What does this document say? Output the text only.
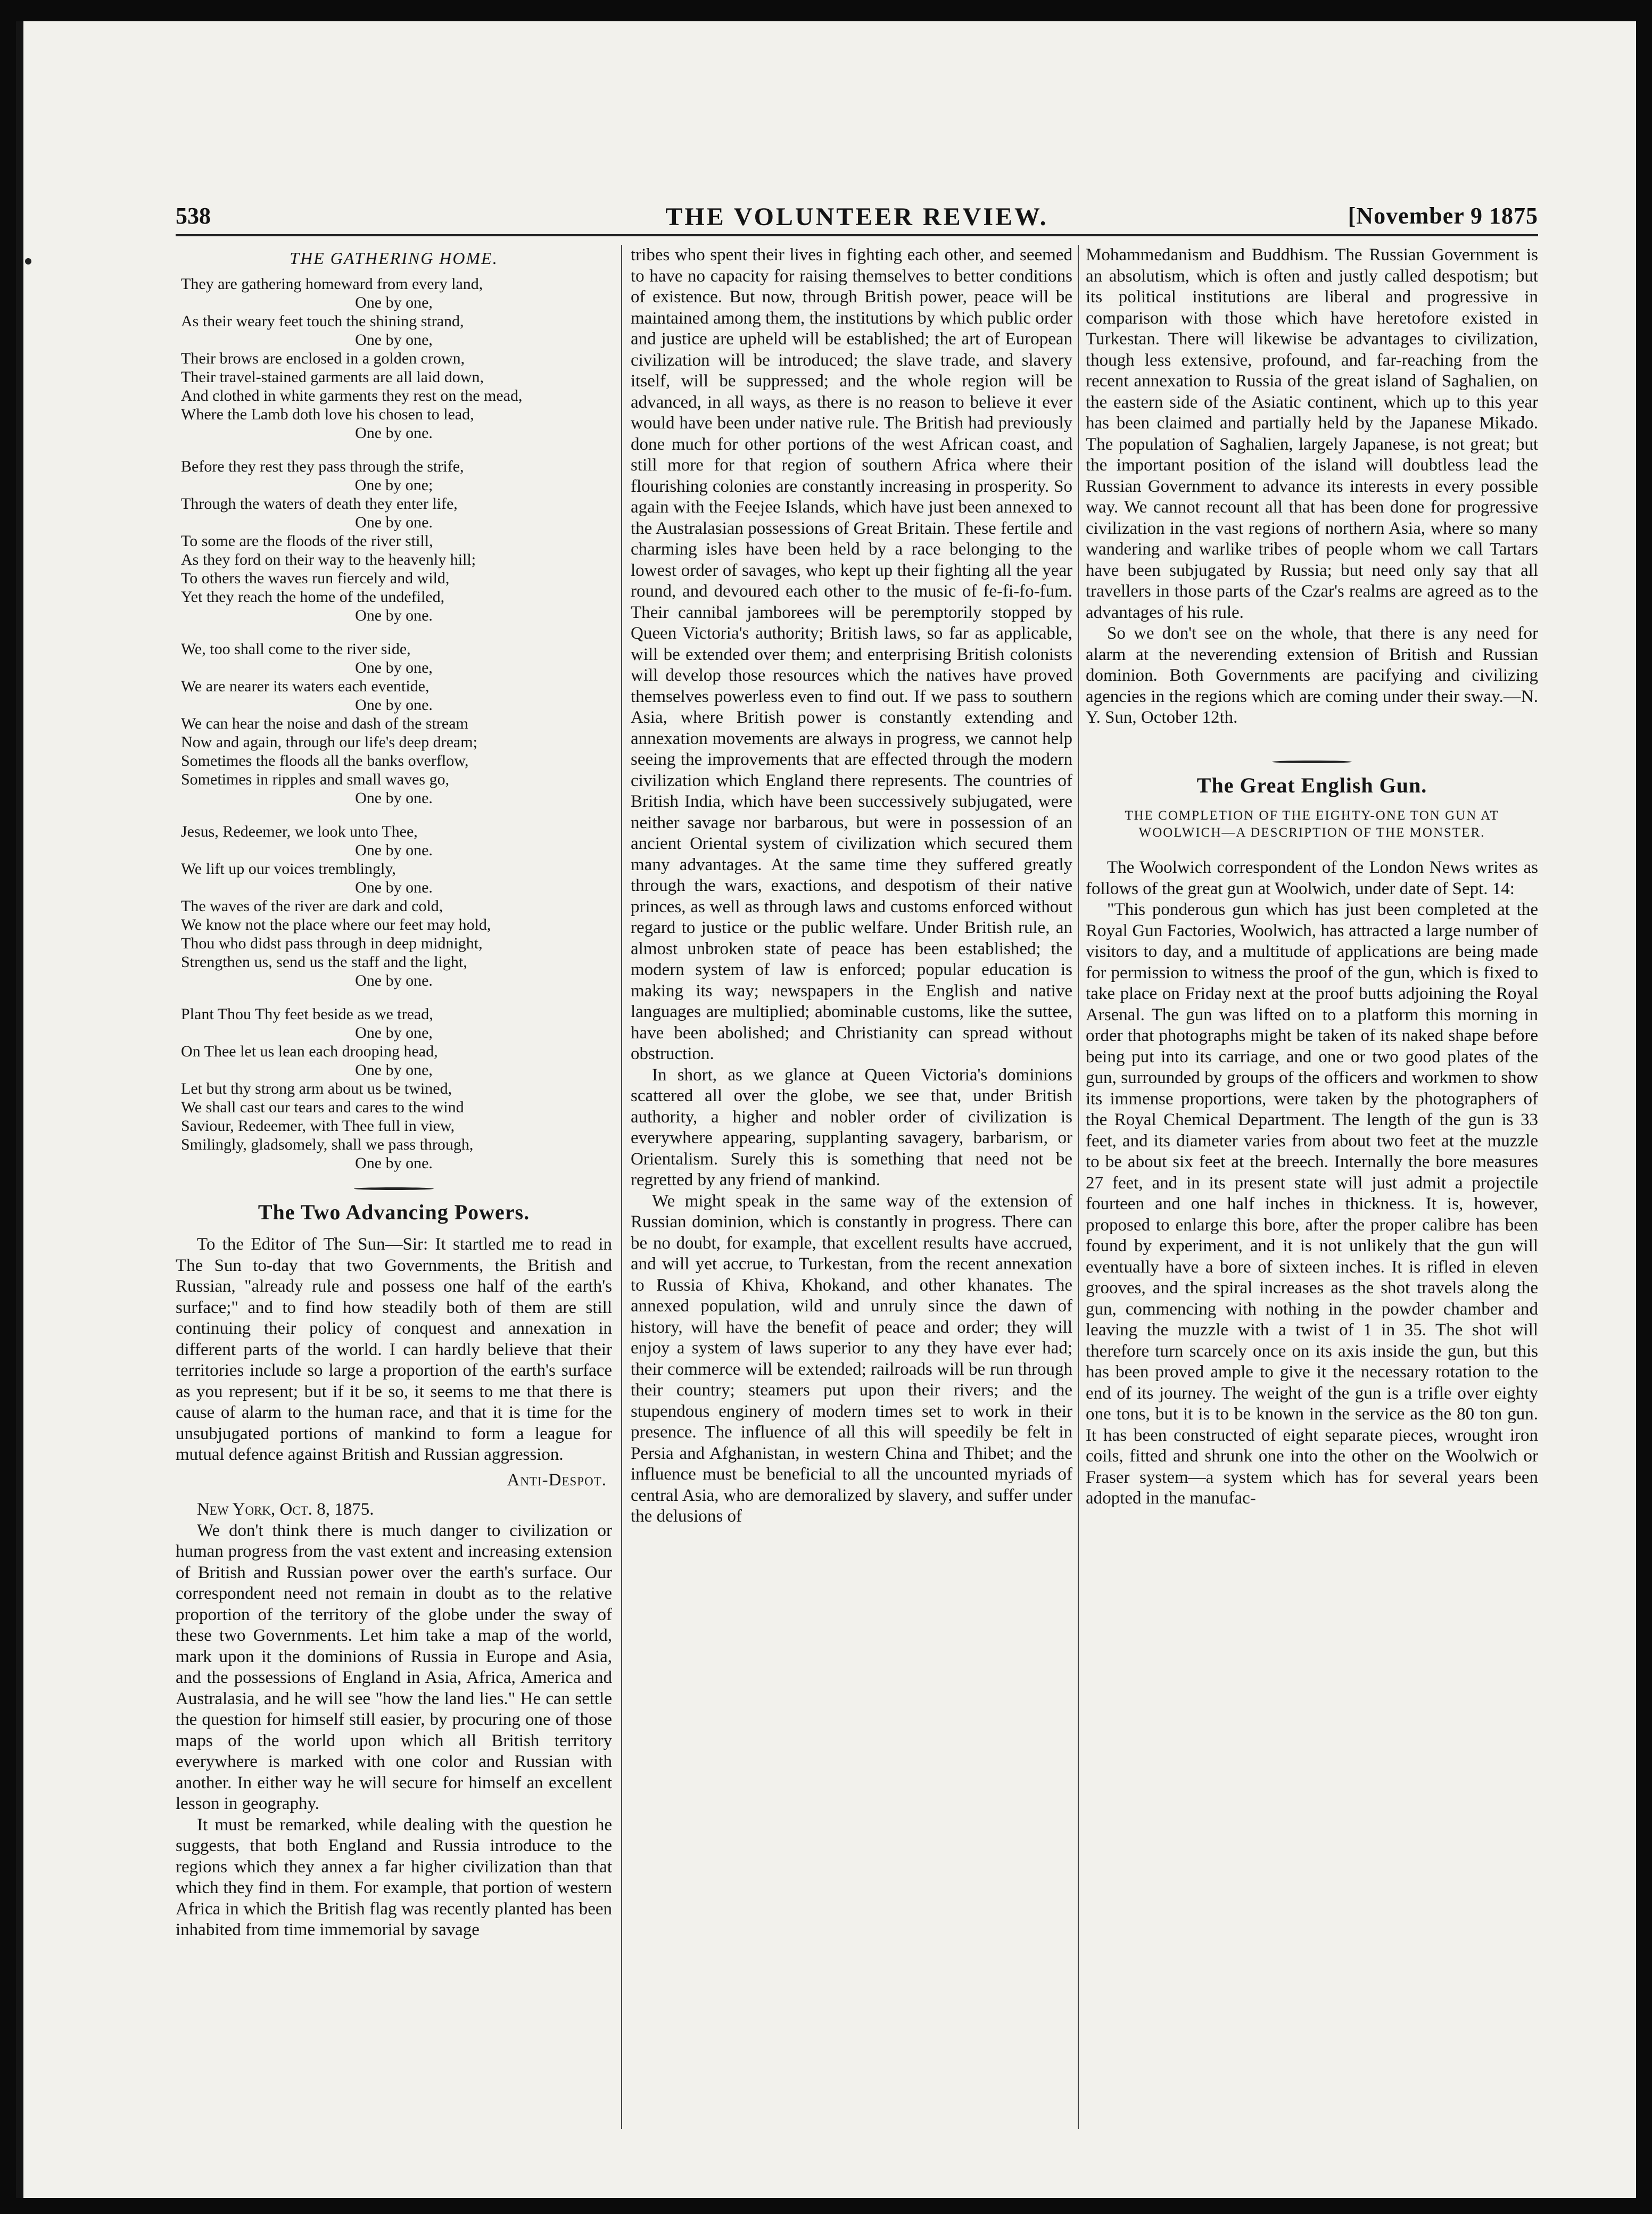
538	THE VOLUNTEER REVIEW.	[November 9 1875
THE GATHERING HOME.
They are gathering homeward from every land,
One by one,
As their weary feet touch the shining strand,
One by one,
Their brows are enclosed in a golden crown,
Their travel-stained garments are all laid down,
And clothed in white garments they rest on the mead,
Where the Lamb doth love his chosen to lead,
One by one.
Before they rest they pass through the strife,
One by one;
Through the waters of death they enter life,
One by one.
To some are the floods of the river still,
As they ford on their way to the heavenly hill;
To others the waves run fiercely and wild,
Yet they reach the home of the undefiled,
One by one.
We, too shall come to the river side,
One by one,
We are nearer its waters each eventide,
One by one.
We can hear the noise and dash of the stream
Now and again, through our life's deep dream;
Sometimes the floods all the banks overflow,
Sometimes in ripples and small waves go,
One by one.
Jesus, Redeemer, we look unto Thee,
One by one.
We lift up our voices tremblingly,
One by one.
The waves of the river are dark and cold,
We know not the place where our feet may hold,
Thou who didst pass through in deep midnight,
Strengthen us, send us the staff and the light,
One by one.
Plant Thou Thy feet beside as we tread,
One by one,
On Thee let us lean each drooping head,
One by one,
Let but thy strong arm about us be twined,
We shall cast our tears and cares to the wind
Saviour, Redeemer, with Thee full in view,
Smilingly, gladsomely, shall we pass through,
One by one.
The Two Advancing Powers.

To the Editor of The Sun—Sir: It startled me to read in The Sun to-day that two Governments, the British and Russian, "already rule and possess one half of the earth's surface;" and to find how steadily both of them are still continuing their policy of conquest and annexation in different parts of the world. I can hardly believe that their territories include so large a proportion of the earth's surface as you represent; but if it be so, it seems to me that there is cause of alarm to the human race, and that it is time for the unsubjugated portions of mankind to form a league for mutual defence against British and Russian aggression.

Anti-Despot.

New York, Oct. 8, 1875.

We don't think there is much danger to civilization or human progress from the vast extent and increasing extension of British and Russian power over the earth's surface. Our correspondent need not remain in doubt as to the relative proportion of the territory of the globe under the sway of these two Governments. Let him take a map of the world, mark upon it the dominions of Russia in Europe and Asia, and the possessions of England in Asia, Africa, America and Australasia, and he will see "how the land lies." He can settle the question for himself still easier, by procuring one of those maps of the world upon which all British territory everywhere is marked with one color and Russian with another. In either way he will secure for himself an excellent lesson in geography.

It must be remarked, while dealing with the question he suggests, that both England and Russia introduce to the regions which they annex a far higher civilization than that which they find in them. For example, that portion of western Africa in which the British flag was recently planted has been inhabited from time immemorial by savage

tribes who spent their lives in fighting each other, and seemed to have no capacity for raising themselves to better conditions of existence. But now, through British power, peace will be maintained among them, the institutions by which public order and justice are upheld will be established; the art of European civilization will be introduced; the slave trade, and slavery itself, will be suppressed; and the whole region will be advanced, in all ways, as there is no reason to believe it ever would have been under native rule. The British had previously done much for other portions of the west African coast, and still more for that region of southern Africa where their flourishing colonies are constantly increasing in prosperity. So again with the Feejee Islands, which have just been annexed to the Australasian possessions of Great Britain. These fertile and charming isles have been held by a race belonging to the lowest order of savages, who kept up their fighting all the year round, and devoured each other to the music of fe-fi-fo-fum. Their cannibal jamborees will be peremptorily stopped by Queen Victoria's authority; British laws, so far as applicable, will be extended over them; and enterprising British colonists will develop those resources which the natives have proved themselves powerless even to find out. If we pass to southern Asia, where British power is constantly extending and annexation movements are always in progress, we cannot help seeing the improvements that are effected through the modern civilization which England there represents. The countries of British India, which have been successively subjugated, were neither savage nor barbarous, but were in possession of an ancient Oriental system of civilization which secured them many advantages. At the same time they suffered greatly through the wars, exactions, and despotism of their native princes, as well as through laws and customs enforced without regard to justice or the public welfare. Under British rule, an almost unbroken state of peace has been established; the modern system of law is enforced; popular education is making its way; newspapers in the English and native languages are multiplied; abominable customs, like the suttee, have been abolished; and Christianity can spread without obstruction.

In short, as we glance at Queen Victoria's dominions scattered all over the globe, we see that, under British authority, a higher and nobler order of civilization is everywhere appearing, supplanting savagery, barbarism, or Orientalism. Surely this is something that need not be regretted by any friend of mankind.

We might speak in the same way of the extension of Russian dominion, which is constantly in progress. There can be no doubt, for example, that excellent results have accrued, and will yet accrue, to Turkestan, from the recent annexation to Russia of Khiva, Khokand, and other khanates. The annexed population, wild and unruly since the dawn of history, will have the benefit of peace and order; they will enjoy a system of laws superior to any they have ever had; their commerce will be extended; railroads will be run through their country; steamers put upon their rivers; and the stupendous enginery of modern times set to work in their presence. The influence of all this will speedily be felt in Persia and Afghanistan, in western China and Thibet; and the influence must be beneficial to all the uncounted myriads of central Asia, who are demoralized by slavery, and suffer under the delusions of

Mohammedanism and Buddhism. The Russian Government is an absolutism, which is often and justly called despotism; but its political institutions are liberal and progressive in comparison with those which have heretofore existed in Turkestan. There will likewise be advantages to civilization, though less extensive, profound, and far-reaching from the recent annexation to Russia of the great island of Saghalien, on the eastern side of the Asiatic continent, which up to this year has been claimed and partially held by the Japanese Mikado. The population of Saghalien, largely Japanese, is not great; but the important position of the island will doubtless lead the Russian Government to advance its interests in every possible way. We cannot recount all that has been done for progressive civilization in the vast regions of northern Asia, where so many wandering and warlike tribes of people whom we call Tartars have been subjugated by Russia; but need only say that all travellers in those parts of the Czar's realms are agreed as to the advantages of his rule.

So we don't see on the whole, that there is any need for alarm at the neverending extension of British and Russian dominion. Both Governments are pacifying and civilizing agencies in the regions which are coming under their sway.—N. Y. Sun, October 12th.

The Great English Gun.
THE COMPLETION OF THE EIGHTY-ONE TON GUN AT WOOLWICH—A DESCRIPTION OF THE MONSTER.

The Woolwich correspondent of the London News writes as follows of the great gun at Woolwich, under date of Sept. 14:

"This ponderous gun which has just been completed at the Royal Gun Factories, Woolwich, has attracted a large number of visitors to day, and a multitude of applications are being made for permission to witness the proof of the gun, which is fixed to take place on Friday next at the proof butts adjoining the Royal Arsenal. The gun was lifted on to a platform this morning in order that photographs might be taken of its naked shape before being put into its carriage, and one or two good plates of the gun, surrounded by groups of the officers and workmen to show its immense proportions, were taken by the photographers of the Royal Chemical Department. The length of the gun is 33 feet, and its diameter varies from about two feet at the muzzle to be about six feet at the breech. Internally the bore measures 27 feet, and in its present state will just admit a projectile fourteen and one half inches in thickness. It is, however, proposed to enlarge this bore, after the proper calibre has been found by experiment, and it is not unlikely that the gun will eventually have a bore of sixteen inches. It is rifled in eleven grooves, and the spiral increases as the shot travels along the gun, commencing with nothing in the powder chamber and leaving the muzzle with a twist of 1 in 35. The shot will therefore turn scarcely once on its axis inside the gun, but this has been proved ample to give it the necessary rotation to the end of its journey. The weight of the gun is a trifle over eighty one tons, but it is to be known in the service as the 80 ton gun. It has been constructed of eight separate pieces, wrought iron coils, fitted and shrunk one into the other on the Woolwich or Fraser system—a system which has for several years been adopted in the manufac-
